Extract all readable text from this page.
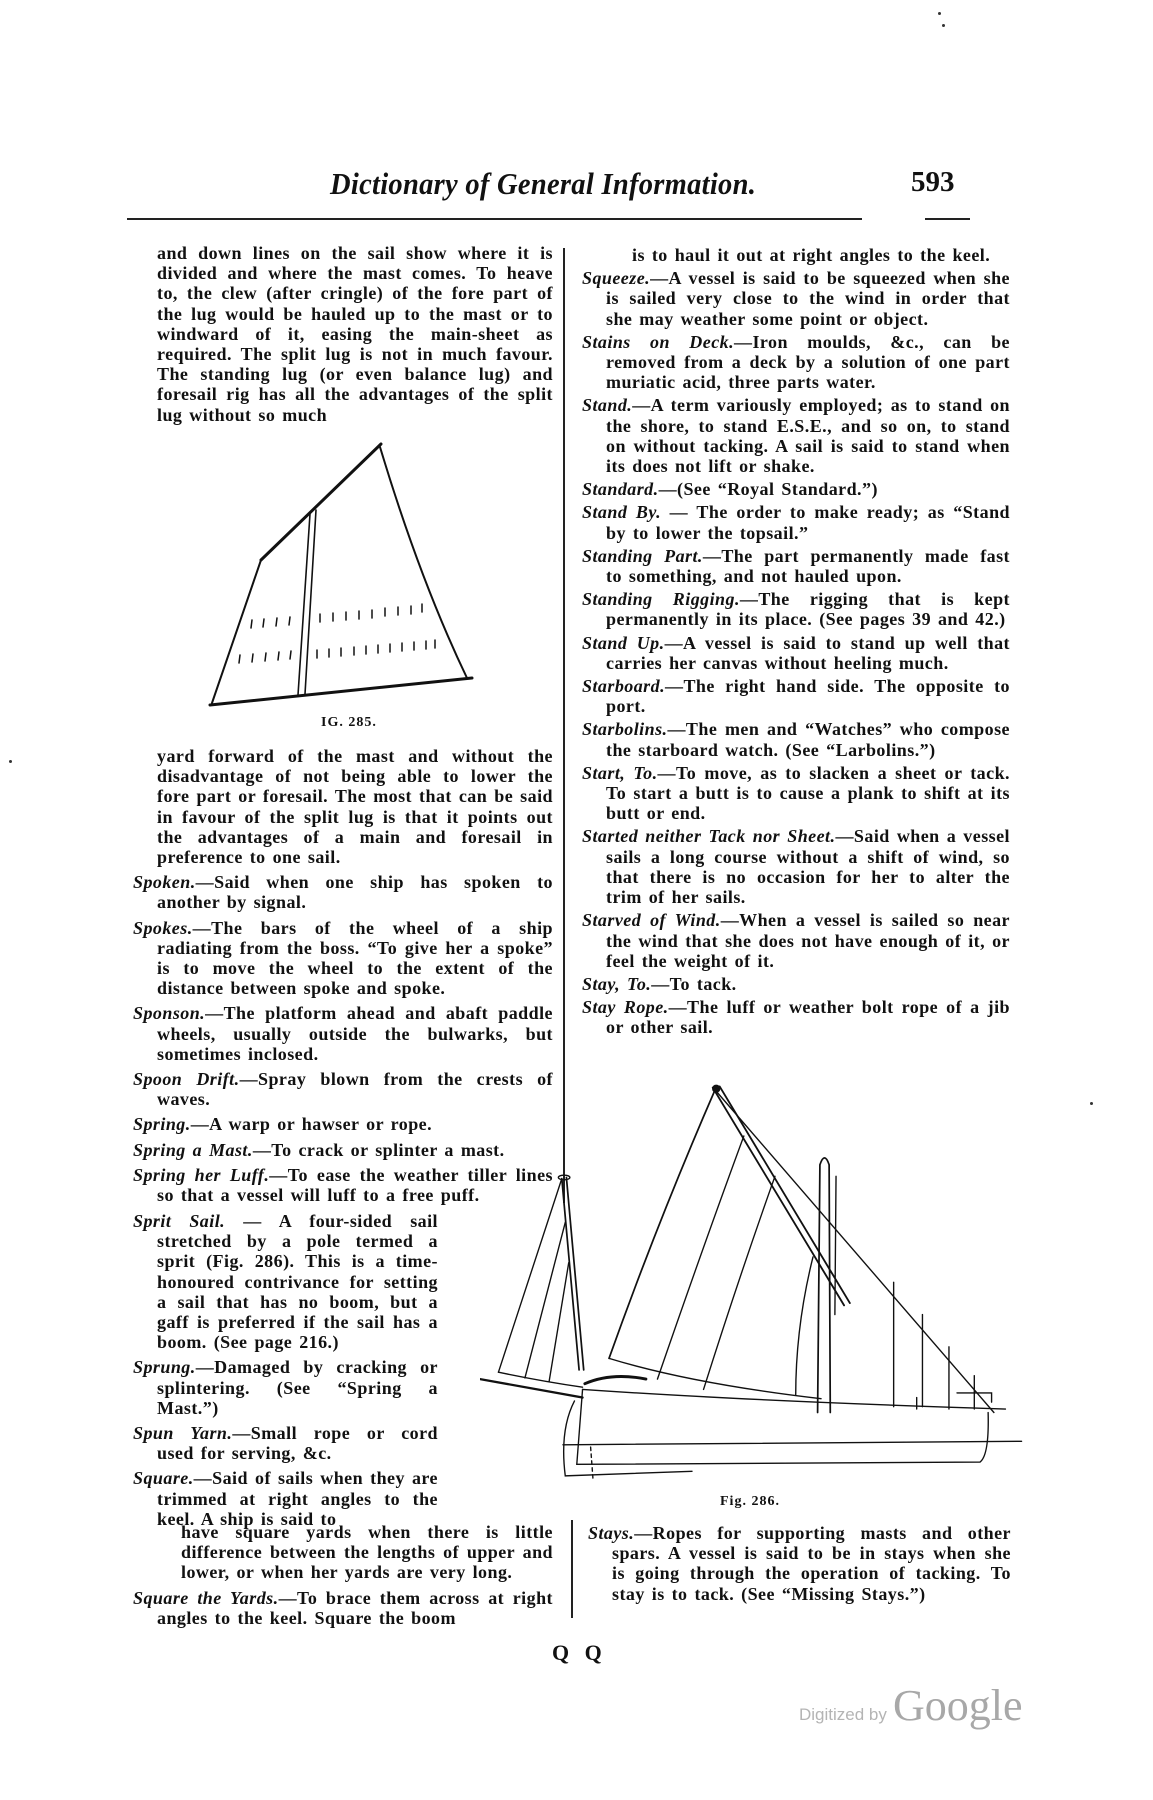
Dictionary of General Information.	593

and down lines on the sail show where it is divided and where the mast comes. To heave to, the clew (after cringle) of the fore part of the lug would be hauled up to the mast or to windward of it, easing the main-sheet as required. The split lug is not in much favour. The standing lug (or even balance lug) and foresail rig has all the advantages of the split lug without so much

IG. 285.

yard forward of the mast and without the disadvantage of not being able to lower the fore part or foresail. The most that can be said in favour of the split lug is that it points out the advantages of a main and foresail in preference to one sail.

Spoken.—Said when one ship has spoken to another by signal.

Spokes.—The bars of the wheel of a ship radiating from the boss. “To give her a spoke” is to move the wheel to the extent of the distance between spoke and spoke.

Sponson.—The platform ahead and abaft paddle wheels, usually outside the bulwarks, but sometimes inclosed.

Spoon Drift.—Spray blown from the crests of waves.

Spring.—A warp or hawser or rope.

Spring a Mast.—To crack or splinter a mast.

Spring her Luff.—To ease the weather tiller lines so that a vessel will luff to a free puff.

Sprit Sail. — A four-sided sail stretched by a pole termed a sprit (Fig. 286). This is a time-honoured contrivance for setting a sail that has no boom, but a gaff is preferred if the sail has a boom. (See page 216.)

Sprung.—Damaged by cracking or splintering. (See “Spring a Mast.”)

Spun Yarn.—Small rope or cord used for serving, &c.

Square.—Said of sails when they are trimmed at right angles to the keel. A ship is said to

have square yards when there is little difference between the lengths of upper and lower, or when her yards are very long.

Square the Yards.—To brace them across at right angles to the keel. Square the boom

is to haul it out at right angles to the keel.

Squeeze.—A vessel is said to be squeezed when she is sailed very close to the wind in order that she may weather some point or object.

Stains on Deck.—Iron moulds, &c., can be removed from a deck by a solution of one part muriatic acid, three parts water.

Stand.—A term variously employed; as to stand on the shore, to stand E.S.E., and so on, to stand on without tacking. A sail is said to stand when its does not lift or shake.

Standard.—(See “Royal Standard.”)

Stand By. — The order to make ready; as “Stand by to lower the topsail.”

Standing Part.—The part permanently made fast to something, and not hauled upon.

Standing Rigging.—The rigging that is kept permanently in its place. (See pages 39 and 42.)

Stand Up.—A vessel is said to stand up well that carries her canvas without heeling much.

Starboard.—The right hand side. The opposite to port.

Starbolins.—The men and “Watches” who compose the starboard watch. (See “Larbolins.”)

Start, To.—To move, as to slacken a sheet or tack. To start a butt is to cause a plank to shift at its butt or end.

Started neither Tack nor Sheet.—Said when a vessel sails a long course without a shift of wind, so that there is no occasion for her to alter the trim of her sails.

Starved of Wind.—When a vessel is sailed so near the wind that she does not have enough of it, or feel the weight of it.

Stay, To.—To tack.

Stay Rope.—The luff or weather bolt rope of a jib or other sail.

Fig. 286.

Stays.—Ropes for supporting masts and other spars. A vessel is said to be in stays when she is going through the operation of tacking. To stay is to tack. (See “Missing Stays.”)

Q Q
Digitized by Google
